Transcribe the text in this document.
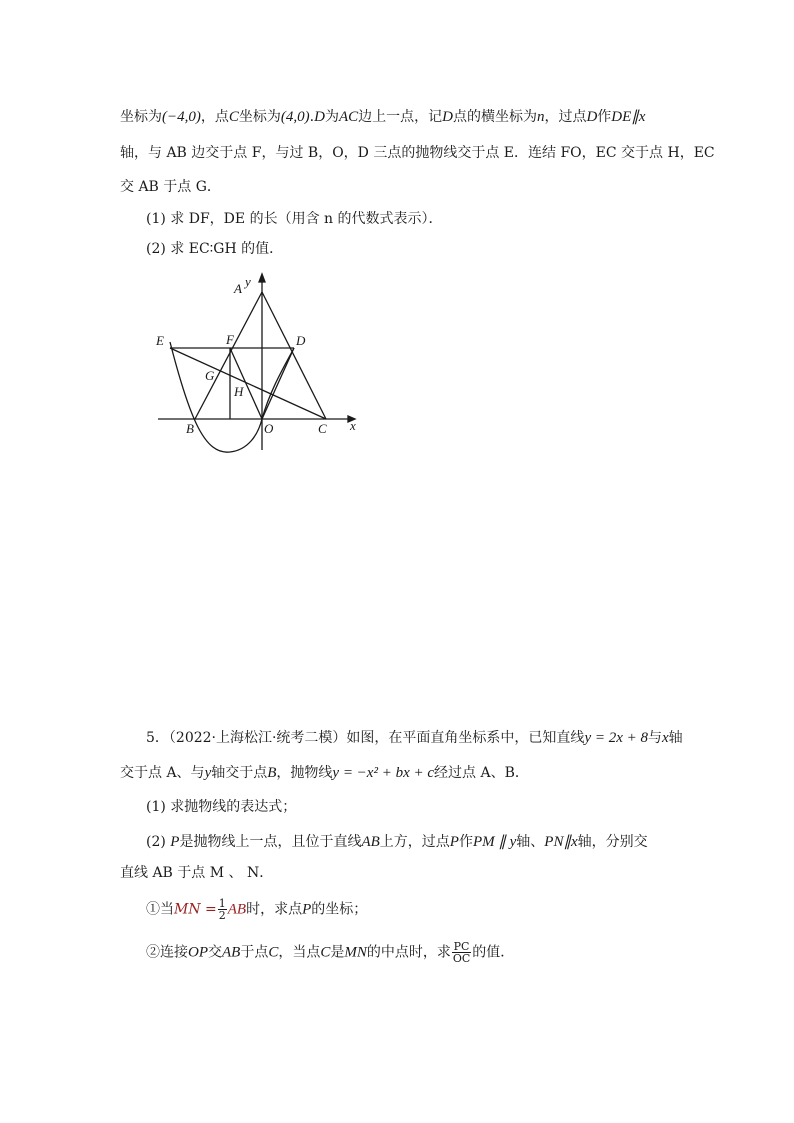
坐标为(−4,0)，点C坐标为(4,0).D为AC边上一点，记D点的横坐标为n，过点D作DE∥x
轴，与 AB 边交于点 F，与过 B，O，D 三点的抛物线交于点 E．连结 FO，EC 交于点 H，EC
交 AB 于点 G．
(1) 求 DF，DE 的长（用含 n 的代数式表示）．
(2) 求 EC∶GH 的值．
y
A
x
E	F	D
G
H
B	O	C
5．（2022·上海松江·统考二模）如图，在平面直角坐标系中，已知直线y = 2x + 8与x轴
交于点 A、与y轴交于点B，抛物线y = −x² + bx + c经过点 A、B．
(1) 求抛物线的表达式；
(2) P是抛物线上一点，且位于直线AB上方，过点P作PM ∥ y轴、PN∥x轴，分别交
直线 AB 于点 M 、 N．
①当MN = $\frac{1}{2}$ AB时，求点P的坐标；
②连接OP交AB于点C，当点C是MN的中点时，求 $\frac{PC}{OC}$ 的值．
